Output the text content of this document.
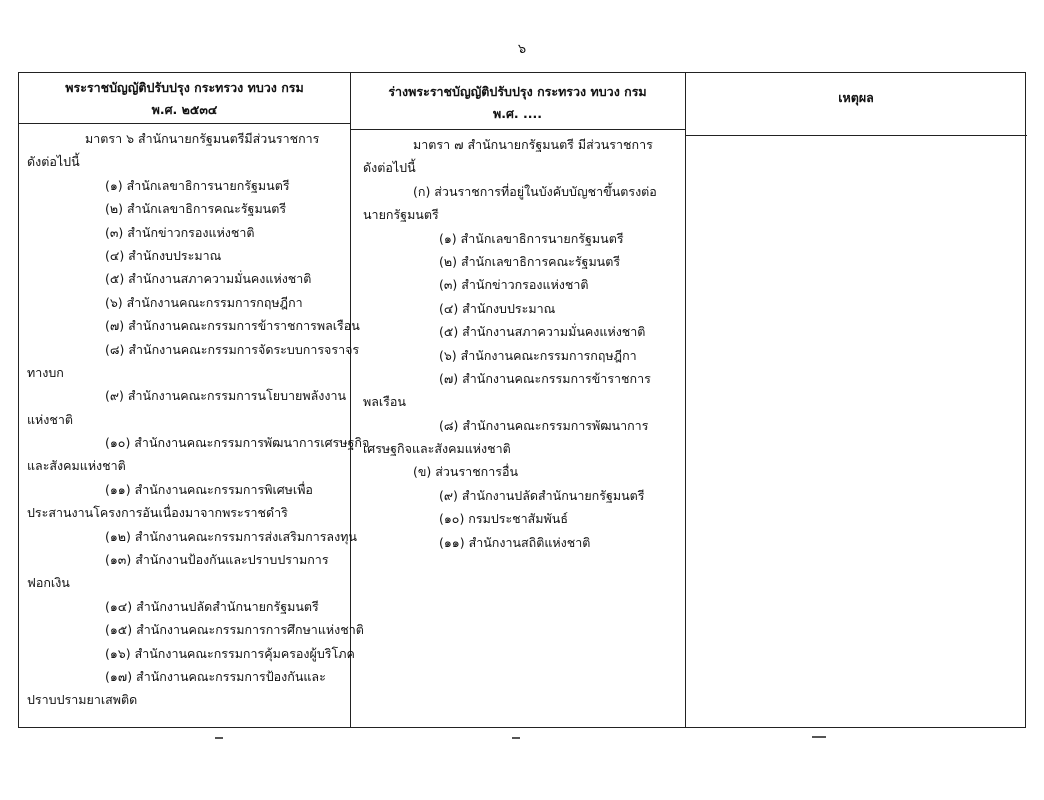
๖
พระราชบัญญัติปรับปรุง กระทรวง ทบวง กรม
พ.ศ. ๒๕๓๔
ร่างพระราชบัญญัติปรับปรุง กระทรวง ทบวง กรม
พ.ศ. ....
เหตุผล
มาตรา ๖ สำนักนายกรัฐมนตรีมีส่วนราชการ
ดังต่อไปนี้
(๑) สำนักเลขาธิการนายกรัฐมนตรี
(๒) สำนักเลขาธิการคณะรัฐมนตรี
(๓) สำนักข่าวกรองแห่งชาติ
(๔) สำนักงบประมาณ
(๕) สำนักงานสภาความมั่นคงแห่งชาติ
(๖) สำนักงานคณะกรรมการกฤษฎีกา
(๗) สำนักงานคณะกรรมการข้าราชการพลเรือน
(๘) สำนักงานคณะกรรมการจัดระบบการจราจร
ทางบก
(๙) สำนักงานคณะกรรมการนโยบายพลังงาน
แห่งชาติ
(๑๐) สำนักงานคณะกรรมการพัฒนาการเศรษฐกิจ
และสังคมแห่งชาติ
(๑๑) สำนักงานคณะกรรมการพิเศษเพื่อ
ประสานงานโครงการอันเนื่องมาจากพระราชดำริ
(๑๒) สำนักงานคณะกรรมการส่งเสริมการลงทุน
(๑๓) สำนักงานป้องกันและปราบปรามการ
ฟอกเงิน
(๑๔) สำนักงานปลัดสำนักนายกรัฐมนตรี
(๑๕) สำนักงานคณะกรรมการการศึกษาแห่งชาติ
(๑๖) สำนักงานคณะกรรมการคุ้มครองผู้บริโภค
(๑๗) สำนักงานคณะกรรมการป้องกันและ
ปราบปรามยาเสพติด
มาตรา ๗ สำนักนายกรัฐมนตรี มีส่วนราชการ
ดังต่อไปนี้
(ก) ส่วนราชการที่อยู่ในบังคับบัญชาขึ้นตรงต่อ
นายกรัฐมนตรี
(๑) สำนักเลขาธิการนายกรัฐมนตรี
(๒) สำนักเลขาธิการคณะรัฐมนตรี
(๓) สำนักข่าวกรองแห่งชาติ
(๔) สำนักงบประมาณ
(๕) สำนักงานสภาความมั่นคงแห่งชาติ
(๖) สำนักงานคณะกรรมการกฤษฎีกา
(๗) สำนักงานคณะกรรมการข้าราชการ
พลเรือน
(๘) สำนักงานคณะกรรมการพัฒนาการ
เศรษฐกิจและสังคมแห่งชาติ
(ข) ส่วนราชการอื่น
(๙) สำนักงานปลัดสำนักนายกรัฐมนตรี
(๑๐) กรมประชาสัมพันธ์
(๑๑) สำนักงานสถิติแห่งชาติ
